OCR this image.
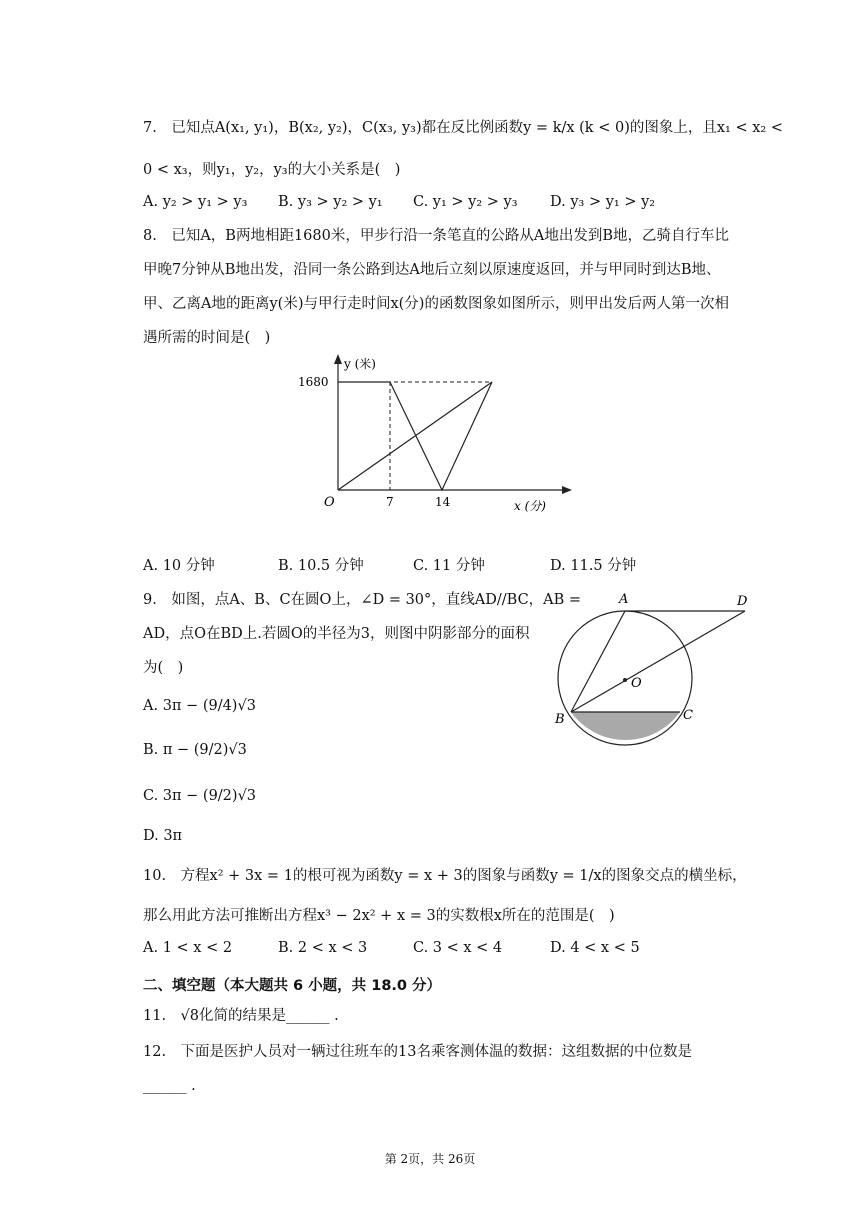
7.　已知点A(x₁, y₁)，B(x₂, y₂)，C(x₃, y₃)都在反比例函数y = k/x (k < 0)的图象上，且x₁ < x₂ <
0 < x₃，则y₁，y₂，y₃的大小关系是(　)
A. y₂ > y₁ > y₃ B. y₃ > y₂ > y₁ C. y₁ > y₂ > y₃ D. y₃ > y₁ > y₂
8.　已知A，B两地相距1680米，甲步行沿一条笔直的公路从A地出发到B地，乙骑自行车比
甲晚7分钟从B地出发，沿同一条公路到达A地后立刻以原速度返回，并与甲同时到达B地、
甲、乙离A地的距离y(米)与甲行走时间x(分)的函数图象如图所示，则甲出发后两人第一次相
遇所需的时间是(　)
y (米)
1680
O	7	14	x (分)
A. 10 分钟	B. 10.5 分钟	C. 11 分钟	D. 11.5 分钟
9.　如图，点A、B、C在圆O上，∠D = 30°，直线AD//BC，AB =
AD，点O在BD上.若圆O的半径为3，则图中阴影部分的面积
为(　)
A	D
O
B	C
A. 3π − (9/4)√3
B. π − (9/2)√3
C. 3π − (9/2)√3
D. 3π
10.　方程x² + 3x = 1的根可视为函数y = x + 3的图象与函数y = 1/x的图象交点的横坐标，
那么用此方法可推断出方程x³ − 2x² + x = 3的实数根x所在的范围是(　)
A. 1 < x < 2	B. 2 < x < 3	C. 3 < x < 4	D. 4 < x < 5
二、填空题（本大题共 6 小题，共 18.0 分）
11.　√8化简的结果是______ .
12.　下面是医护人员对一辆过往班车的13名乘客测体温的数据：这组数据的中位数是
______ .
第 2页，共 26页
